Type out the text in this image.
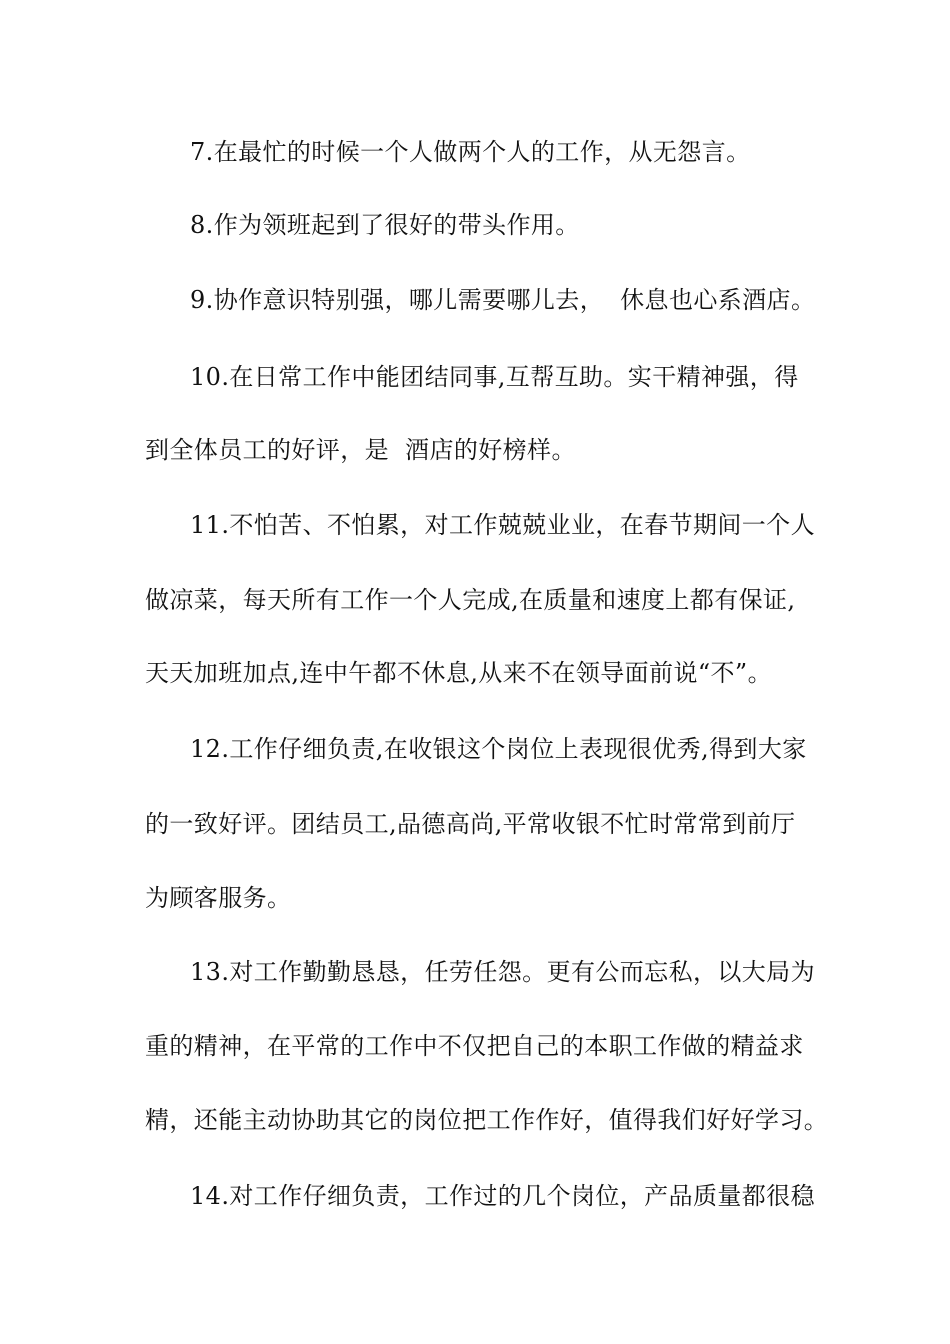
7.在最忙的时候一个人做两个人的工作，从无怨言。
8.作为领班起到了很好的带头作用。
9.协作意识特别强，哪儿需要哪儿去，  休息也心系酒店。
10.在日常工作中能团结同事,互帮互助。实干精神强，得
到全体员工的好评，是  酒店的好榜样。
11.不怕苦、不怕累，对工作兢兢业业，在春节期间一个人
做凉菜，每天所有工作一个人完成,在质量和速度上都有保证,
天天加班加点,连中午都不休息,从来不在领导面前说“不”。
12.工作仔细负责,在收银这个岗位上表现很优秀,得到大家
的一致好评。团结员工,品德高尚,平常收银不忙时常常到前厅
为顾客服务。
13.对工作勤勤恳恳，任劳任怨。更有公而忘私，以大局为
重的精神，在平常的工作中不仅把自己的本职工作做的精益求
精，还能主动协助其它的岗位把工作作好，值得我们好好学习。
14.对工作仔细负责，工作过的几个岗位，产品质量都很稳
